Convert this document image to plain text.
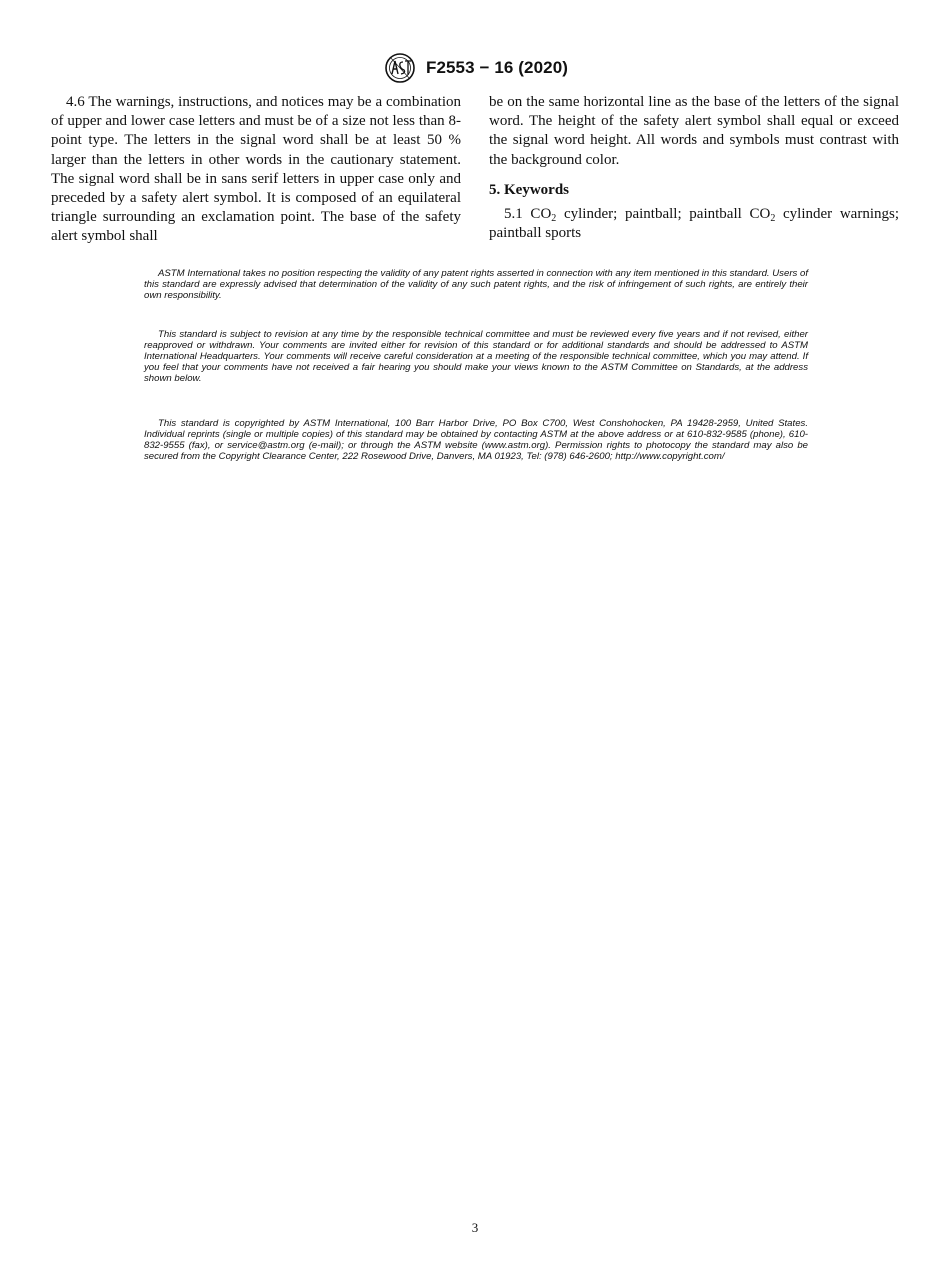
F2553 − 16 (2020)

4.6 The warnings, instructions, and notices may be a combination of upper and lower case letters and must be of a size not less than 8-point type. The letters in the signal word shall be at least 50 % larger than the letters in other words in the cautionary statement. The signal word shall be in sans serif letters in upper case only and preceded by a safety alert symbol. It is composed of an equilateral triangle surrounding an exclamation point. The base of the safety alert symbol shall

be on the same horizontal line as the base of the letters of the signal word. The height of the safety alert symbol shall equal or exceed the signal word height. All words and symbols must contrast with the background color.

5. Keywords

5.1 $CO_2$ cylinder; paintball; paintball $CO_2$ cylinder warnings; paintball sports

ASTM International takes no position respecting the validity of any patent rights asserted in connection with any item mentioned in this standard. Users of this standard are expressly advised that determination of the validity of any such patent rights, and the risk of infringement of such rights, are entirely their own responsibility.

This standard is subject to revision at any time by the responsible technical committee and must be reviewed every five years and if not revised, either reapproved or withdrawn. Your comments are invited either for revision of this standard or for additional standards and should be addressed to ASTM International Headquarters. Your comments will receive careful consideration at a meeting of the responsible technical committee, which you may attend. If you feel that your comments have not received a fair hearing you should make your views known to the ASTM Committee on Standards, at the address shown below.

This standard is copyrighted by ASTM International, 100 Barr Harbor Drive, PO Box C700, West Conshohocken, PA 19428-2959, United States. Individual reprints (single or multiple copies) of this standard may be obtained by contacting ASTM at the above address or at 610-832-9585 (phone), 610-832-9555 (fax), or service@astm.org (e-mail); or through the ASTM website (www.astm.org). Permission rights to photocopy the standard may also be secured from the Copyright Clearance Center, 222 Rosewood Drive, Danvers, MA 01923, Tel: (978) 646-2600; http://www.copyright.com/

3
